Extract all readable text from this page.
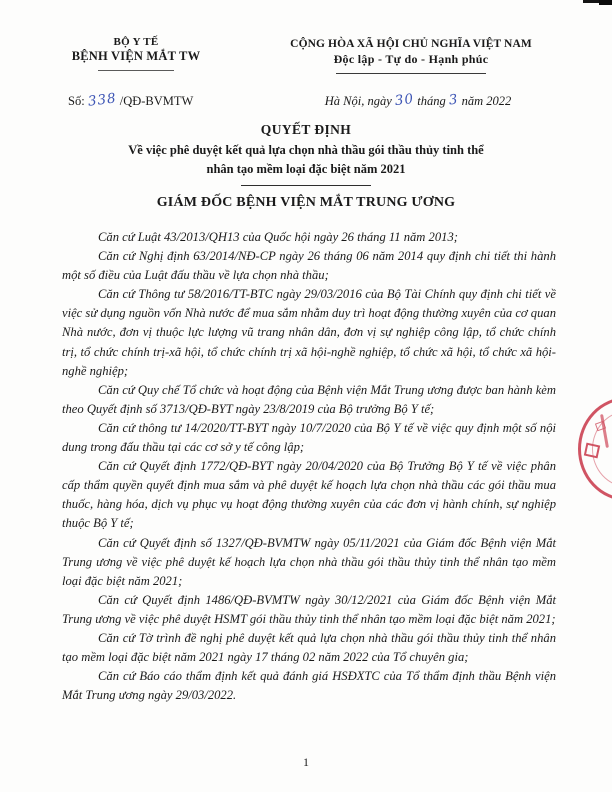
BỘ Y TẾ
BỆNH VIỆN MẮT TW
Số: 338 /QĐ-BVMTW
CỘNG HÒA XÃ HỘI CHỦ NGHĨA VIỆT NAM
Độc lập - Tự do - Hạnh phúc
Hà Nội, ngày 30 tháng 3 năm 2022
QUYẾT ĐỊNH
Về việc phê duyệt kết quả lựa chọn nhà thầu gói thầu thủy tinh thể
nhân tạo mềm loại đặc biệt năm 2021
GIÁM ĐỐC BỆNH VIỆN MẮT TRUNG ƯƠNG

Căn cứ Luật 43/2013/QH13 của Quốc hội ngày 26 tháng 11 năm 2013;

Căn cứ Nghị định 63/2014/NĐ-CP ngày 26 tháng 06 năm 2014 quy định chi tiết thi hành một số điều của Luật đấu thầu về lựa chọn nhà thầu;

Căn cứ Thông tư 58/2016/TT-BTC ngày 29/03/2016 của Bộ Tài Chính quy định chi tiết về việc sử dụng nguồn vốn Nhà nước để mua sắm nhằm duy trì hoạt động thường xuyên của cơ quan Nhà nước, đơn vị thuộc lực lượng vũ trang nhân dân, đơn vị sự nghiệp công lập, tổ chức chính trị, tổ chức chính trị-xã hội, tổ chức chính trị xã hội-nghề nghiệp, tổ chức xã hội, tổ chức xã hội-nghề nghiệp;

Căn cứ Quy chế Tổ chức và hoạt động của Bệnh viện Mắt Trung ương được ban hành kèm theo Quyết định số 3713/QĐ-BYT ngày 23/8/2019 của Bộ trưởng Bộ Y tế;

Căn cứ thông tư 14/2020/TT-BYT ngày 10/7/2020 của Bộ Y tế về việc quy định một số nội dung trong đấu thầu tại các cơ sở y tế công lập;

Căn cứ Quyết định 1772/QĐ-BYT ngày 20/04/2020 của Bộ Trưởng Bộ Y tế về việc phân cấp thẩm quyền quyết định mua sắm và phê duyệt kế hoạch lựa chọn nhà thầu các gói thầu mua thuốc, hàng hóa, dịch vụ phục vụ hoạt động thường xuyên của các đơn vị hành chính, sự nghiệp thuộc Bộ Y tế;

Căn cứ Quyết định số 1327/QĐ-BVMTW ngày 05/11/2021 của Giám đốc Bệnh viện Mắt Trung ương về việc phê duyệt kế hoạch lựa chọn nhà thầu gói thầu thủy tinh thể nhân tạo mềm loại đặc biệt năm 2021;

Căn cứ Quyết định 1486/QĐ-BVMTW ngày 30/12/2021 của Giám đốc Bệnh viện Mắt Trung ương về việc phê duyệt HSMT gói thầu thủy tinh thể nhân tạo mềm loại đặc biệt năm 2021;

Căn cứ Tờ trình đề nghị phê duyệt kết quả lựa chọn nhà thầu gói thầu thủy tinh thể nhân tạo mềm loại đặc biệt năm 2021 ngày 17 tháng 02 năm 2022 của Tổ chuyên gia;

Căn cứ Báo cáo thẩm định kết quả đánh giá HSĐXTC của Tổ thẩm định thầu Bệnh viện Mắt Trung ương ngày 29/03/2022.

1
